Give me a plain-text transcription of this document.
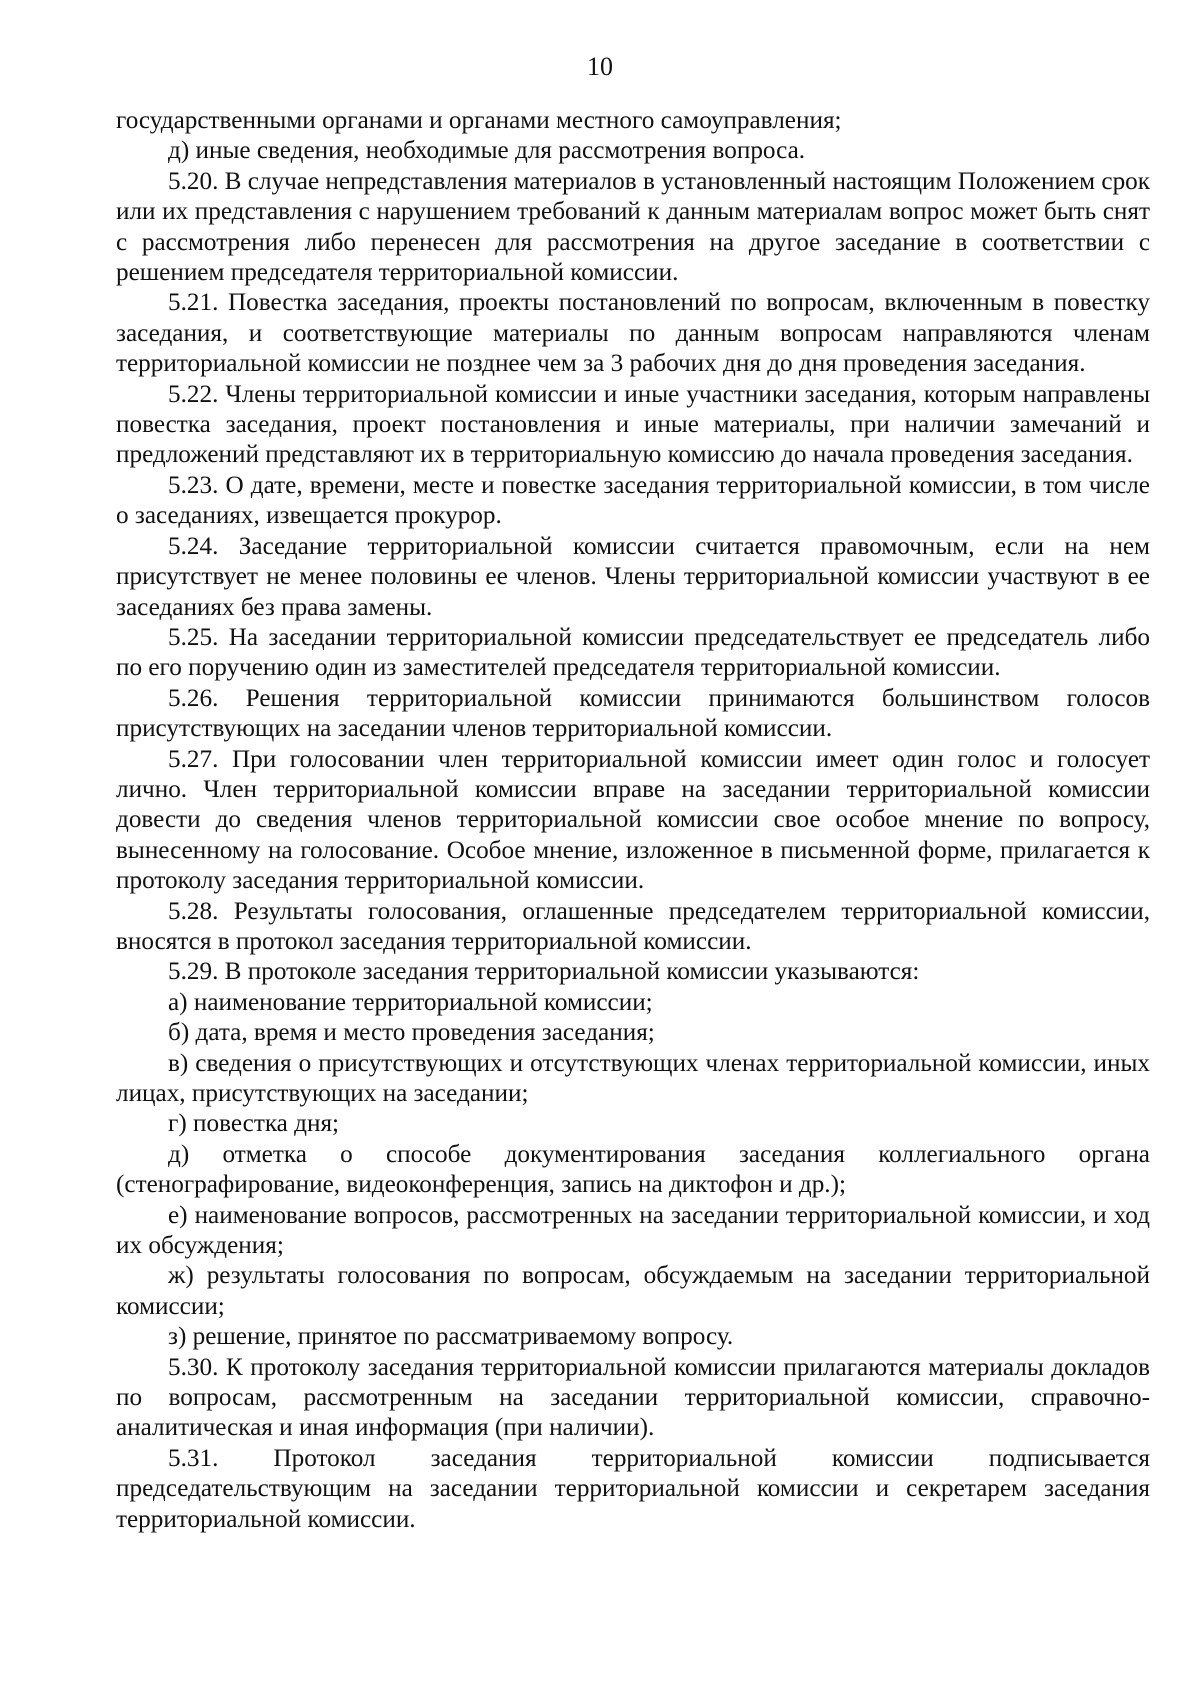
10

государственными органами и органами местного самоуправления;

д) иные сведения, необходимые для рассмотрения вопроса.

5.20. В случае непредставления материалов в установленный настоящим Положением срок или их представления с нарушением требований к данным материалам вопрос может быть снят с рассмотрения либо перенесен для рассмотрения на другое заседание в соответствии с решением председателя территориальной комиссии.

5.21. Повестка заседания, проекты постановлений по вопросам, включенным в повестку заседания, и соответствующие материалы по данным вопросам направляются членам территориальной комиссии не позднее чем за 3 рабочих дня до дня проведения заседания.

5.22. Члены территориальной комиссии и иные участники заседания, которым направлены повестка заседания, проект постановления и иные материалы, при наличии замечаний и предложений представляют их в территориальную комиссию до начала проведения заседания.

5.23. О дате, времени, месте и повестке заседания территориальной комиссии, в том числе о заседаниях, извещается прокурор.

5.24. Заседание территориальной комиссии считается правомочным, если на нем присутствует не менее половины ее членов. Члены территориальной комиссии участвуют в ее заседаниях без права замены.

5.25. На заседании территориальной комиссии председательствует ее председатель либо по его поручению один из заместителей председателя территориальной комиссии.

5.26. Решения территориальной комиссии принимаются большинством голосов присутствующих на заседании членов территориальной комиссии.

5.27. При голосовании член территориальной комиссии имеет один голос и голосует лично. Член территориальной комиссии вправе на заседании территориальной комиссии довести до сведения членов территориальной комиссии свое особое мнение по вопросу, вынесенному на голосование. Особое мнение, изложенное в письменной форме, прилагается к протоколу заседания территориальной комиссии.

5.28. Результаты голосования, оглашенные председателем территориальной комиссии, вносятся в протокол заседания территориальной комиссии.

5.29. В протоколе заседания территориальной комиссии указываются:

а) наименование территориальной комиссии;

б) дата, время и место проведения заседания;

в) сведения о присутствующих и отсутствующих членах территориальной комиссии, иных лицах, присутствующих на заседании;

г) повестка дня;

д) отметка о способе документирования заседания коллегиального органа (стенографирование, видеоконференция, запись на диктофон и др.);

е) наименование вопросов, рассмотренных на заседании территориальной комиссии, и ход их обсуждения;

ж) результаты голосования по вопросам, обсуждаемым на заседании территориальной комиссии;

з) решение, принятое по рассматриваемому вопросу.

5.30. К протоколу заседания территориальной комиссии прилагаются материалы докладов по вопросам, рассмотренным на заседании территориальной комиссии, справочно-аналитическая и иная информация (при наличии).

5.31. Протокол заседания территориальной комиссии подписывается председательствующим на заседании территориальной комиссии и секретарем заседания территориальной комиссии.
